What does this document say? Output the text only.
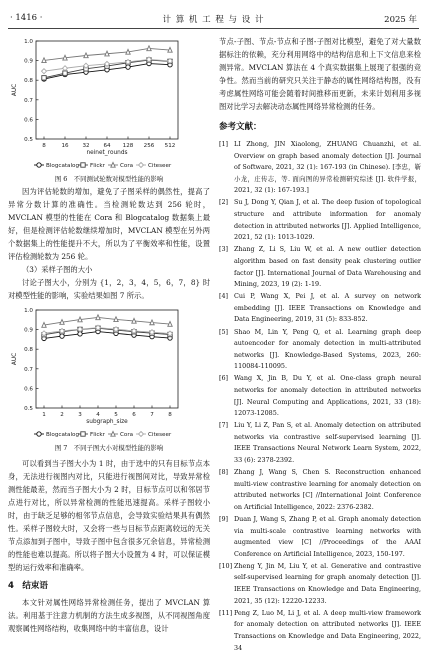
· 1416 ·	计 算 机 工 程 与 设 计	2025 年
0.5
0.6
0.7
0.8
0.9
1.0
8	16 32 64 128 256 512
neinet_rounds
AUC
Blogcatalog Flickr	Cora	Citeseer
图 6　不同测试轮数对模型性能的影响

因为评估轮数的增加，避免了子图采样的偶然性，提高了异常分数计算的准确性。当检测轮数达到 256 轮时，MVCLAN 模型的性能在 Cora 和 Blogcatalog 数据集上最好，但是检测评估轮数继续增加时，MVCLAN 模型在另外两个数据集上的性能提升不大，所以为了平衡效率和性能，设置评估检测轮数为 256 轮。

（3）采样子图的大小

讨论子图大小，分别为 {1，2，3，4，5，6，7，8} 时对模型性能的影响，实验结果如图 7 所示。

0.5
0.6
0.7
0.8
0.9
1.0
1	2	3	4	5	6	7	8
subgraph_size
AUC
Blogcatalog Flickr	Cora	Citeseer
图 7　不同子图大小对模型性能的影响

可以看到当子图大小为 1 时，由于选中的只有目标节点本身，无法进行视图内对比，只能进行视图间对比，导致异常检测性能最差，然而当子图大小为 2 时，目标节点可以和邻居节点进行对比，所以异常检测的性能迅速提高。采样子图较小时，由于缺乏足够的相邻节点信息，会导致实验结果具有偶然性。采样子图较大时，又会将一些与目标节点距离较远的无关节点添加到子图中，导致子图中包含很多冗余信息，异常检测的性能也难以提高。所以将子图大小设置为 4 时，可以保证模型的运行效率和准确率。

4　结束语

本文针对属性网络异常检测任务，提出了 MVCLAN 算法。利用基于注意力机制的方法生成多视图，从不同视图角度观察属性网络结构，收集网络中的丰富信息，设计

节点-子图、节点-节点和子图-子图对比模型，避免了对大量数据标注的依赖，充分利用网络中的结构信息和上下文信息来检测异常。MVCLAN 算法在 4 个真实数据集上展现了很强的竞争性。然而当前的研究只关注于静态的属性网络结构图，没有考虑属性网络可能会随着时间推移而更新，未来计划利用多视图对比学习去解决动态属性网络异常检测的任务。

参考文献：
[1] LI Zhong, JIN Xiaolong, ZHUANG Chuanzhi, et al. Overview on graph based anomaly detection [J]. Journal of Software, 2021, 32 (1): 167-193 (in Chinese). [李忠，靳小龙，庄传志，等. 面向图的异常检测研究综述 [J]. 软件学报，2021, 32 (1): 167-193.]
[2] Su J, Dong Y, Qian J, et al. The deep fusion of topological structure and attribute information for anomaly detection in attributed networks [J]. Applied Intelligence, 2021, 52 (1): 1013-1029.
[3] Zhang Z, Li S, Liu W, et al. A new outlier detection algorithm based on fast density peak clustering outlier factor [J]. International Journal of Data Warehousing and Mining, 2023, 19 (2): 1-19.
[4] Cui P, Wang X, Pei J, et al. A survey on network embedding [J]. IEEE Transactions on Knowledge and Data Engineering, 2019, 31 (5): 833-852.
[5] Shao M, Lin Y, Peng Q, et al. Learning graph deep autoencoder for anomaly detection in multi-attributed networks [J]. Knowledge-Based Systems, 2023, 260: 110084-110095.
[6] Wang X, Jin B, Du Y, et al. One-class graph neural networks for anomaly detection in attributed networks [J]. Neural Computing and Applications, 2021, 33 (18): 12073-12085.
[7] Liu Y, Li Z, Pan S, et al. Anomaly detection on attributed networks via contrastive self-supervised learning [J]. IEEE Transactions Neural Network Learn System, 2022, 33 (6): 2378-2392.
[8] Zhang J, Wang S, Chen S. Reconstruction enhanced multi-view contrastive learning for anomaly detection on attributed networks [C] //International Joint Conference on Artificial Intelligence, 2022: 2376-2382.
[9] Duan J, Wang S, Zhang P, et al. Graph anomaly detection via multi-scale contrastive learning networks with augmented view [C] //Proceedings of the AAAI Conference on Artificial Intelligence, 2023, 150-197.
[10] Zheng Y, Jin M, Liu Y, et al. Generative and contrastive self-supervised learning for graph anomaly detection [J]. IEEE Transactions on Knowledge and Data Engineering, 2021, 35 (12): 12220-12233.
[11] Peng Z, Luo M, Li J, et al. A deep multi-view framework for anomaly detection on attributed networks [J]. IEEE Transactions on Knowledge and Data Engineering, 2022, 34
